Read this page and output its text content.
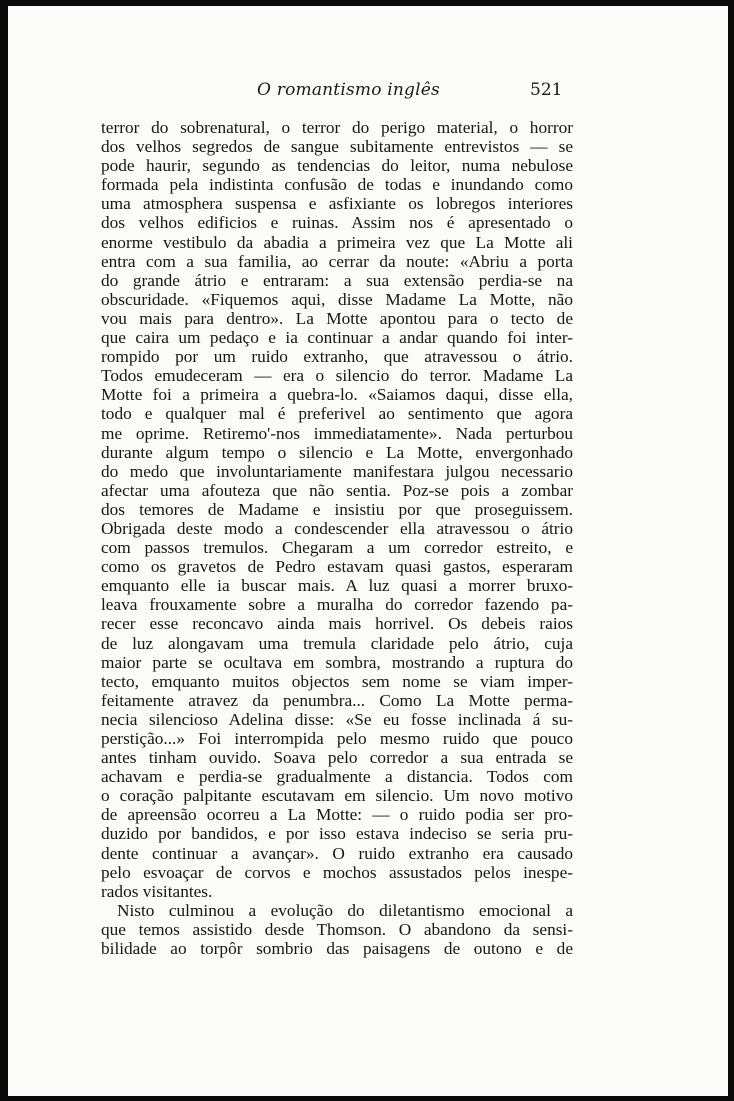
O romantismo inglês	521
terror do sobrenatural, o terror do perigo material, o horror
dos velhos segredos de sangue subitamente entrevistos — se
pode haurir, segundo as tendencias do leitor, numa nebulose
formada pela indistinta confusão de todas e inundando como
uma atmosphera suspensa e asfixiante os lobregos interiores
dos velhos edificios e ruinas. Assim nos é apresentado o
enorme vestibulo da abadia a primeira vez que La Motte ali
entra com a sua familia, ao cerrar da noute: «Abriu a porta
do grande átrio e entraram: a sua extensão perdia-se na
obscuridade. «Fiquemos aqui, disse Madame La Motte, não
vou mais para dentro». La Motte apontou para o tecto de
que caira um pedaço e ia continuar a andar quando foi inter-
rompido por um ruido extranho, que atravessou o átrio.
Todos emudeceram — era o silencio do terror. Madame La
Motte foi a primeira a quebra-lo. «Saiamos daqui, disse ella,
todo e qualquer mal é preferivel ao sentimento que agora
me oprime. Retiremo'-nos immediatamente». Nada perturbou
durante algum tempo o silencio e La Motte, envergonhado
do medo que involuntariamente manifestara julgou necessario
afectar uma afouteza que não sentia. Poz-se pois a zombar
dos temores de Madame e insistiu por que proseguissem.
Obrigada deste modo a condescender ella atravessou o átrio
com passos tremulos. Chegaram a um corredor estreito, e
como os gravetos de Pedro estavam quasi gastos, esperaram
emquanto elle ia buscar mais. A luz quasi a morrer bruxo-
leava frouxamente sobre a muralha do corredor fazendo pa-
recer esse reconcavo ainda mais horrivel. Os debeis raios
de luz alongavam uma tremula claridade pelo átrio, cuja
maior parte se ocultava em sombra, mostrando a ruptura do
tecto, emquanto muitos objectos sem nome se viam imper-
feitamente atravez da penumbra... Como La Motte perma-
necia silencioso Adelina disse: «Se eu fosse inclinada á su-
perstição...» Foi interrompida pelo mesmo ruido que pouco
antes tinham ouvido. Soava pelo corredor a sua entrada se
achavam e perdia-se gradualmente a distancia. Todos com
o coração palpitante escutavam em silencio. Um novo motivo
de apreensão ocorreu a La Motte: — o ruido podia ser pro-
duzido por bandidos, e por isso estava indeciso se seria pru-
dente continuar a avançar». O ruido extranho era causado
pelo esvoaçar de corvos e mochos assustados pelos inespe-
rados visitantes.
Nisto culminou a evolução do diletantismo emocional a
que temos assistido desde Thomson. O abandono da sensi-
bilidade ao torpôr sombrio das paisagens de outono e de
